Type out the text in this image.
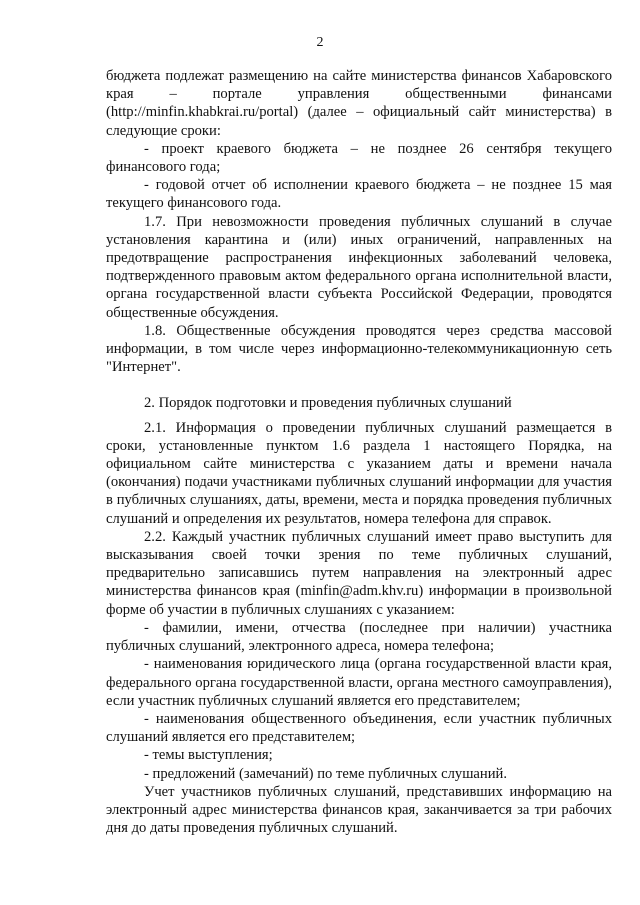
2

бюджета подлежат размещению на сайте министерства финансов Хабаровского края – портале управления общественными финансами (http://minfin.khabkrai.ru/portal) (далее – официальный сайт министерства) в следующие сроки:

- проект краевого бюджета – не позднее 26 сентября текущего финансового года;

- годовой отчет об исполнении краевого бюджета – не позднее 15 мая текущего финансового года.

1.7. При невозможности проведения публичных слушаний в случае установления карантина и (или) иных ограничений, направленных на предотвращение распространения инфекционных заболеваний человека, подтвержденного правовым актом федерального органа исполнительной власти, органа государственной власти субъекта Российской Федерации, проводятся общественные обсуждения.

1.8. Общественные обсуждения проводятся через средства массовой информации, в том числе через информационно-телекоммуникационную сеть "Интернет".

2. Порядок подготовки и проведения публичных слушаний

2.1. Информация о проведении публичных слушаний размещается в сроки, установленные пунктом 1.6 раздела 1 настоящего Порядка, на официальном сайте министерства с указанием даты и времени начала (окончания) подачи участниками публичных слушаний информации для участия в публичных слушаниях, даты, времени, места и порядка проведения публичных слушаний и определения их результатов, номера телефона для справок.

2.2. Каждый участник публичных слушаний имеет право выступить для высказывания своей точки зрения по теме публичных слушаний, предварительно записавшись путем направления на электронный адрес министерства финансов края (minfin@adm.khv.ru) информации в произвольной форме об участии в публичных слушаниях с указанием:

- фамилии, имени, отчества (последнее при наличии) участника публичных слушаний, электронного адреса, номера телефона;

- наименования юридического лица (органа государственной власти края, федерального органа государственной власти, органа местного самоуправления), если участник публичных слушаний является его представителем;

- наименования общественного объединения, если участник публичных слушаний является его представителем;

- темы выступления;

- предложений (замечаний) по теме публичных слушаний.

Учет участников публичных слушаний, представивших информацию на электронный адрес министерства финансов края, заканчивается за три рабочих дня до даты проведения публичных слушаний.
